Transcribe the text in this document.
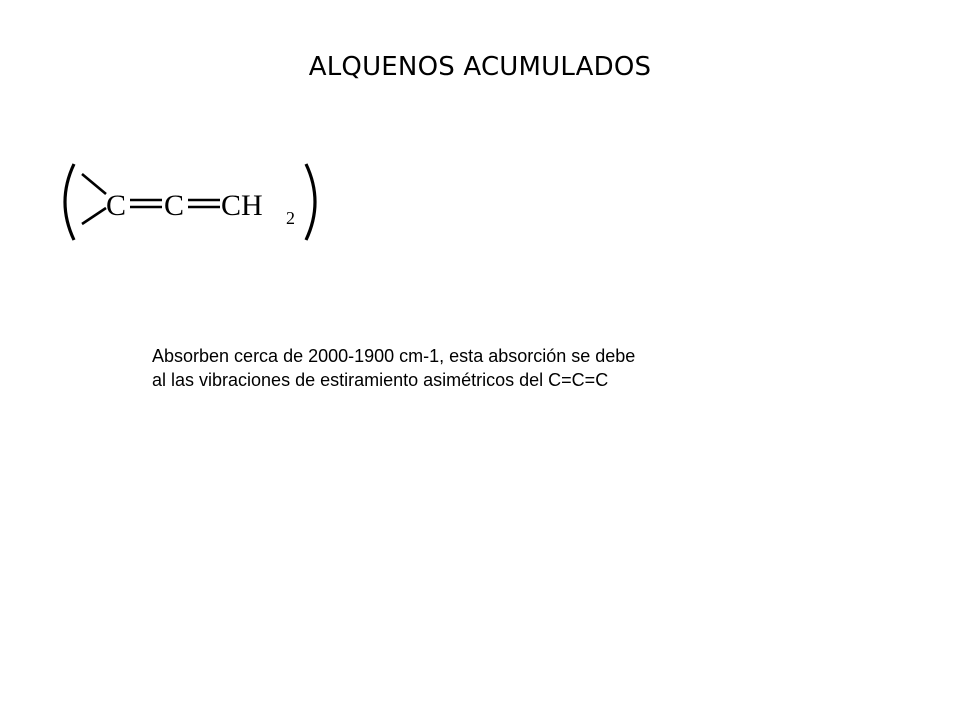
ALQUENOS ACUMULADOS
C C CH 2

Absorben cerca de 2000-1900 cm-1, esta absorción se debe

al las vibraciones de estiramiento asimétricos del C=C=C
